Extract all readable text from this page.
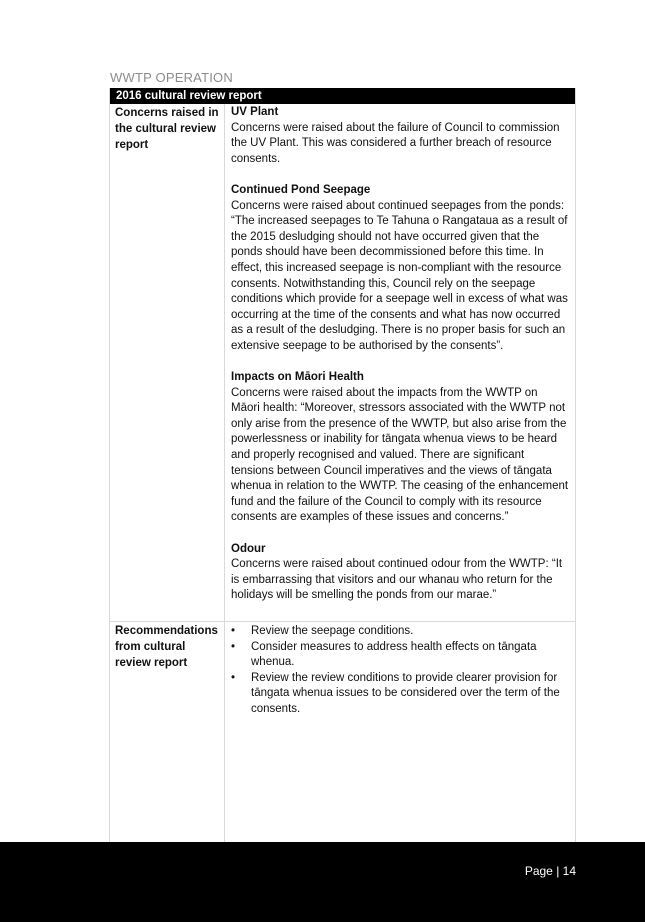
WWTP OPERATION
2016 cultural review report
Concerns raised in the cultural review report

UV Plant

Concerns were raised about the failure of Council to commission the UV Plant. This was considered a further breach of resource consents.

Continued Pond Seepage

Concerns were raised about continued seepages from the ponds: “The increased seepages to Te Tahuna o Rangataua as a result of the 2015 desludging should not have occurred given that the ponds should have been decommissioned before this time. In effect, this increased seepage is non-compliant with the resource consents. Notwithstanding this, Council rely on the seepage conditions which provide for a seepage well in excess of what was occurring at the time of the consents and what has now occurred as a result of the desludging. There is no proper basis for such an extensive seepage to be authorised by the consents”.

Impacts on Māori Health

Concerns were raised about the impacts from the WWTP on Māori health: “Moreover, stressors associated with the WWTP not only arise from the presence of the WWTP, but also arise from the powerlessness or inability for tāngata whenua views to be heard and properly recognised and valued. There are significant tensions between Council imperatives and the views of tāngata whenua in relation to the WWTP. The ceasing of the enhancement fund and the failure of the Council to comply with its resource consents are examples of these issues and concerns.”

Odour

Concerns were raised about continued odour from the WWTP: “It is embarrassing that visitors and our whanau who return for the holidays will be smelling the ponds from our marae.”

Recommendations from cultural review report
• Review the seepage conditions.
• Consider measures to address health effects on tāngata whenua.
• Review the review conditions to provide clearer provision for tāngata whenua issues to be considered over the term of the consents.
Page | 14
